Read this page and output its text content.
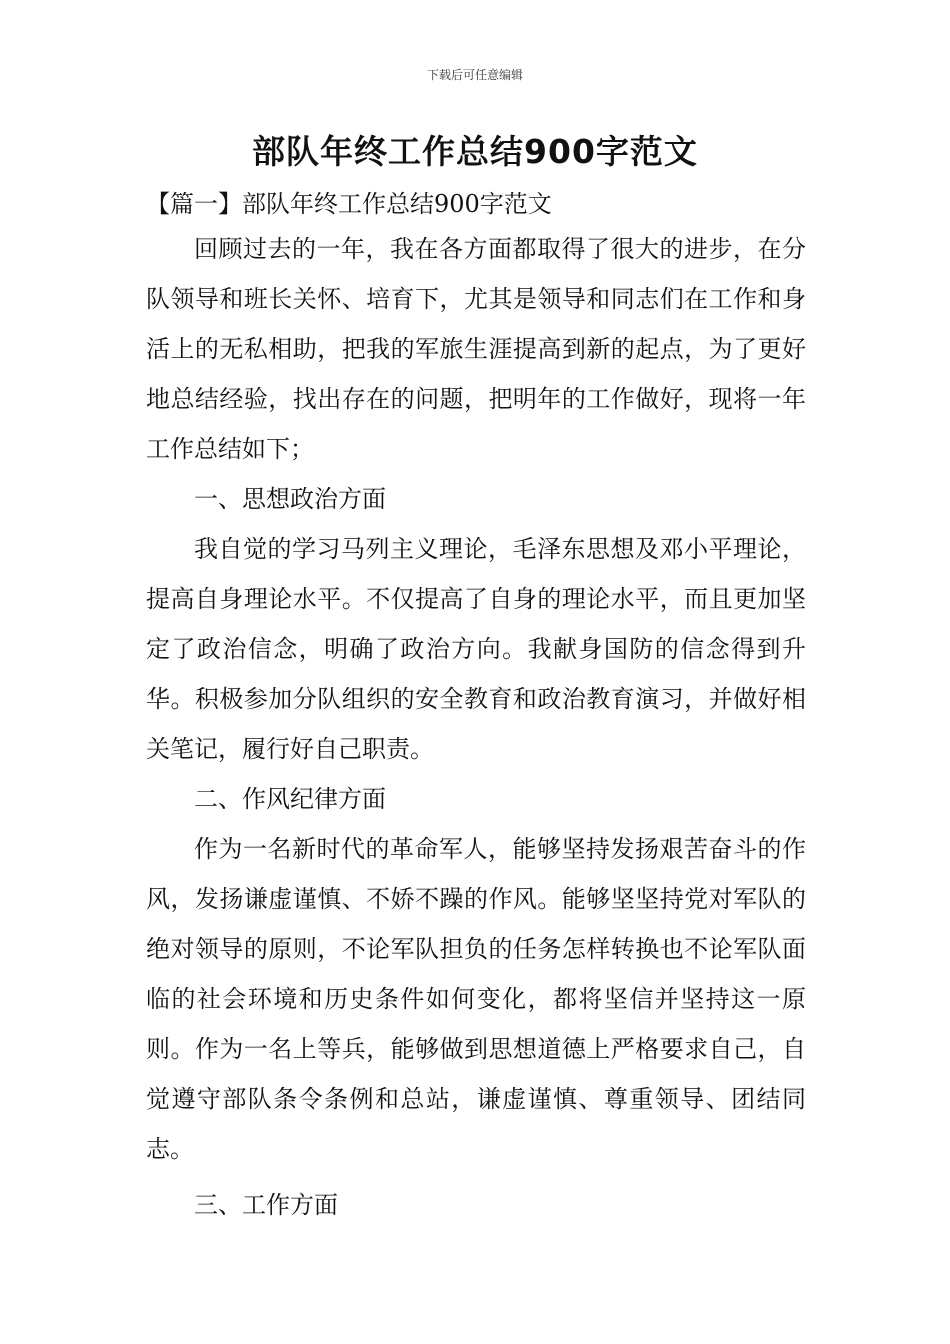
下载后可任意编辑
部队年终工作总结900字范文

【篇一】部队年终工作总结900字范文

回顾过去的一年，我在各方面都取得了很大的进步，在分队领导和班长关怀、培育下，尤其是领导和同志们在工作和身活上的无私相助，把我的军旅生涯提高到新的起点，为了更好地总结经验，找出存在的问题，把明年的工作做好，现将一年工作总结如下；

一、思想政治方面

我自觉的学习马列主义理论，毛泽东思想及邓小平理论，提高自身理论水平。不仅提高了自身的理论水平，而且更加坚定了政治信念，明确了政治方向。我献身国防的信念得到升华。积极参加分队组织的安全教育和政治教育演习，并做好相关笔记，履行好自己职责。

二、作风纪律方面

作为一名新时代的革命军人，能够坚持发扬艰苦奋斗的作风，发扬谦虚谨慎、不娇不躁的作风。能够坚坚持党对军队的绝对领导的原则，不论军队担负的任务怎样转换也不论军队面临的社会环境和历史条件如何变化，都将坚信并坚持这一原则。作为一名上等兵，能够做到思想道德上严格要求自己，自觉遵守部队条令条例和总站，谦虚谨慎、尊重领导、团结同志。

三、工作方面
